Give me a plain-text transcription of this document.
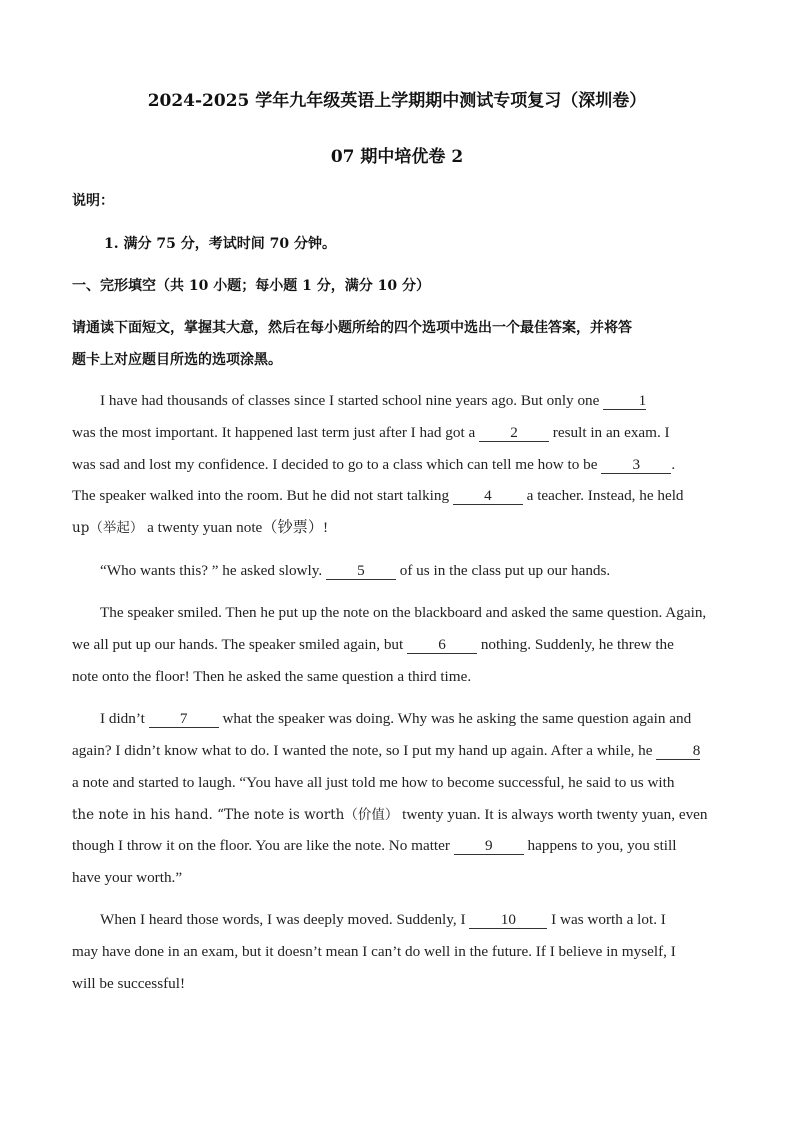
2024-2025 学年九年级英语上学期期中测试专项复习（深圳卷）
07 期中培优卷 2
说明：
1. 满分 75 分，考试时间 70 分钟。
一、完形填空（共 10 小题；每小题 1 分，满分 10 分）
请通读下面短文，掌握其大意，然后在每小题所给的四个选项中选出一个最佳答案，并将答
题卡上对应题目所选的选项涂黑。
I have had thousands of classes since I started school nine years ago. But only one	1
was the most important. It happened last term just after I had got a 2 result in an exam. I
was sad and lost my confidence. I decided to go to a class which can tell me how to be 3 .
The speaker walked into the room. But he did not start talking 4 a teacher. Instead, he held
up（举起） a twenty yuan note（钞票）!
“Who wants this? ” he asked slowly. 5 of us in the class put up our hands.
The speaker smiled. Then he put up the note on the blackboard and asked the same question. Again,
we all put up our hands. The speaker smiled again, but 6 nothing. Suddenly, he threw the
note onto the floor! Then he asked the same question a third time.
I didn’t 7 what the speaker was doing. Why was he asking the same question again and
again? I didn’t know what to do. I wanted the note, so I put my hand up again. After a while, he	8
a note and started to laugh. “You have all just told me how to become successful, he said to us with
the note in his hand. “The note is worth（价值） twenty yuan. It is always worth twenty yuan, even
though I throw it on the floor. You are like the note. No matter 9 happens to you, you still
have your worth.”
When I heard those words, I was deeply moved. Suddenly, I 10 I was worth a lot. I
may have done in an exam, but it doesn’t mean I can’t do well in the future. If I believe in myself, I
will be successful!
